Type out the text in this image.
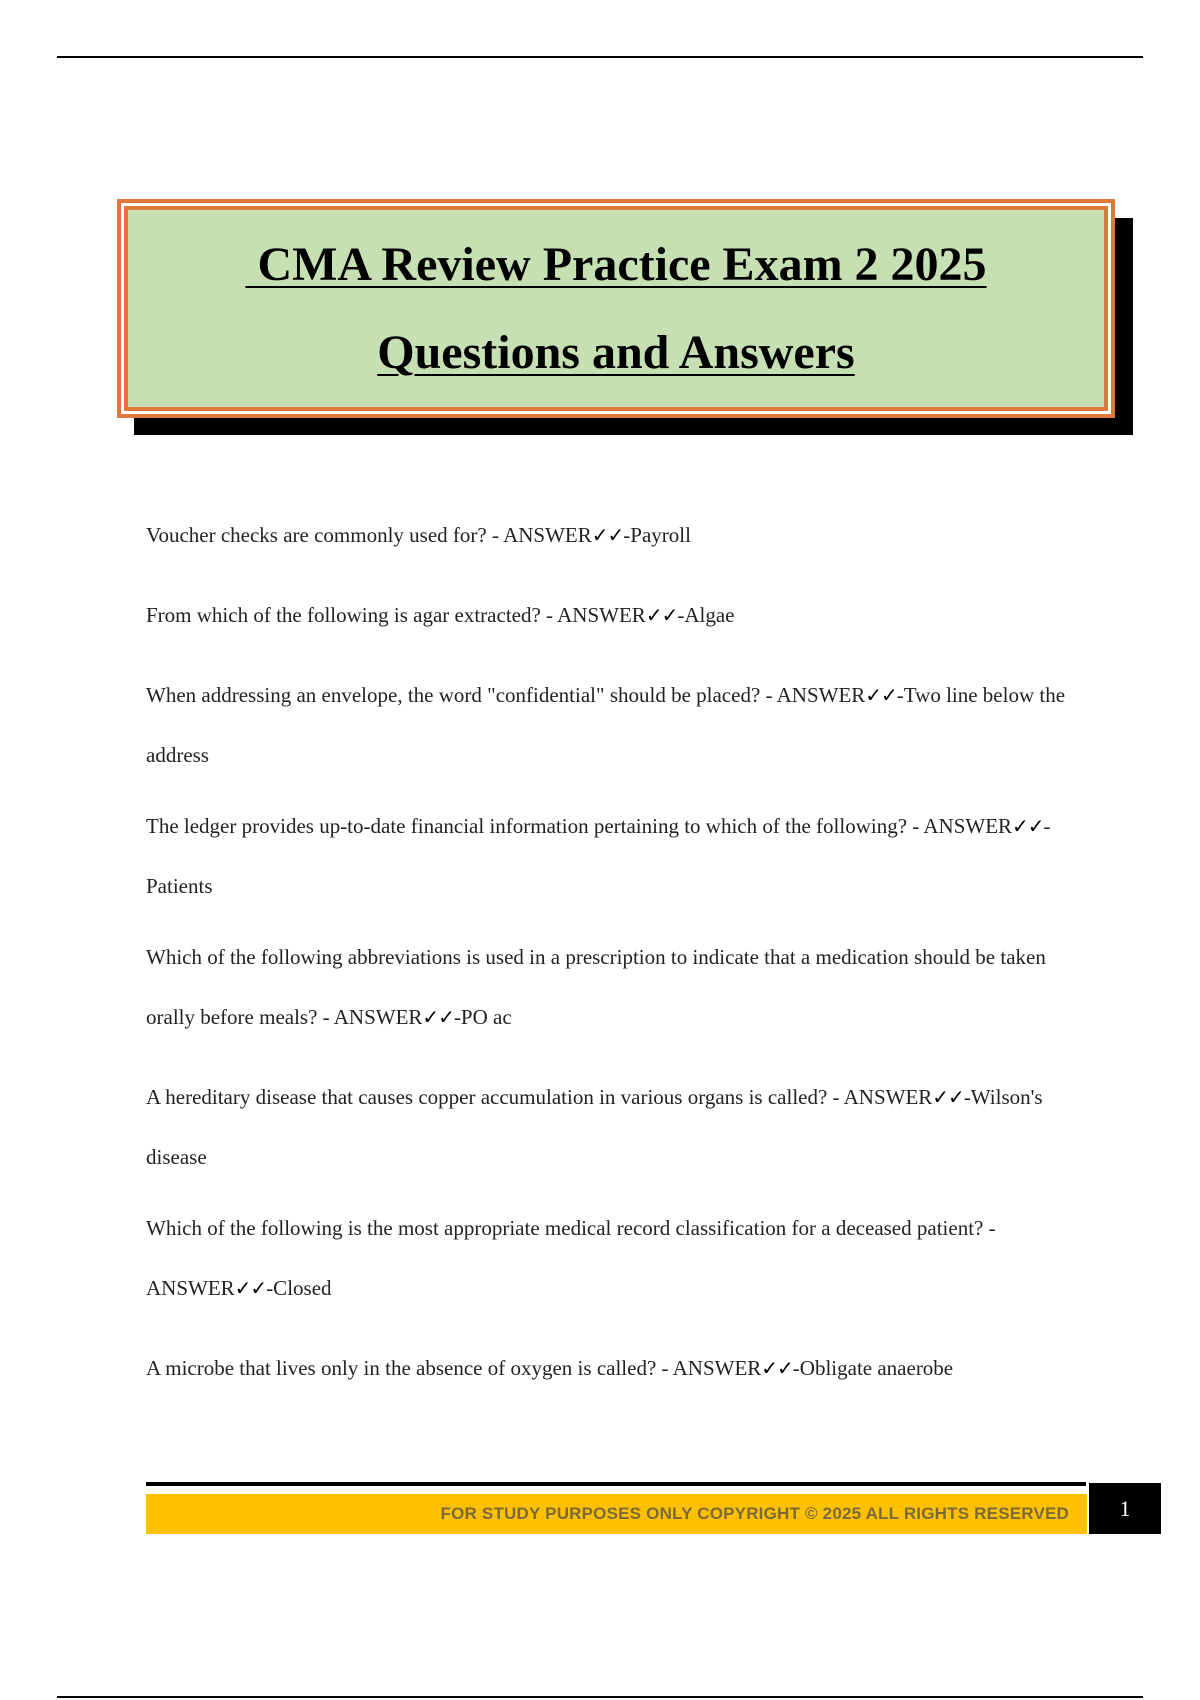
CMA Review Practice Exam 2 2025
Questions and Answers
Voucher checks are commonly used for? - ANSWER✓✓-Payroll
From which of the following is agar extracted? - ANSWER✓✓-Algae
When addressing an envelope, the word "confidential" should be placed? - ANSWER✓✓-Two line below the address
The ledger provides up-to-date financial information pertaining to which of the following? - ANSWER✓✓-Patients
Which of the following abbreviations is used in a prescription to indicate that a medication should be taken orally before meals? - ANSWER✓✓-PO ac
A hereditary disease that causes copper accumulation in various organs is called? - ANSWER✓✓-Wilson's disease
Which of the following is the most appropriate medical record classification for a deceased patient? - ANSWER✓✓-Closed
A microbe that lives only in the absence of oxygen is called? - ANSWER✓✓-Obligate anaerobe
FOR STUDY PURPOSES ONLY COPYRIGHT © 2025 ALL RIGHTS RESERVED	1
